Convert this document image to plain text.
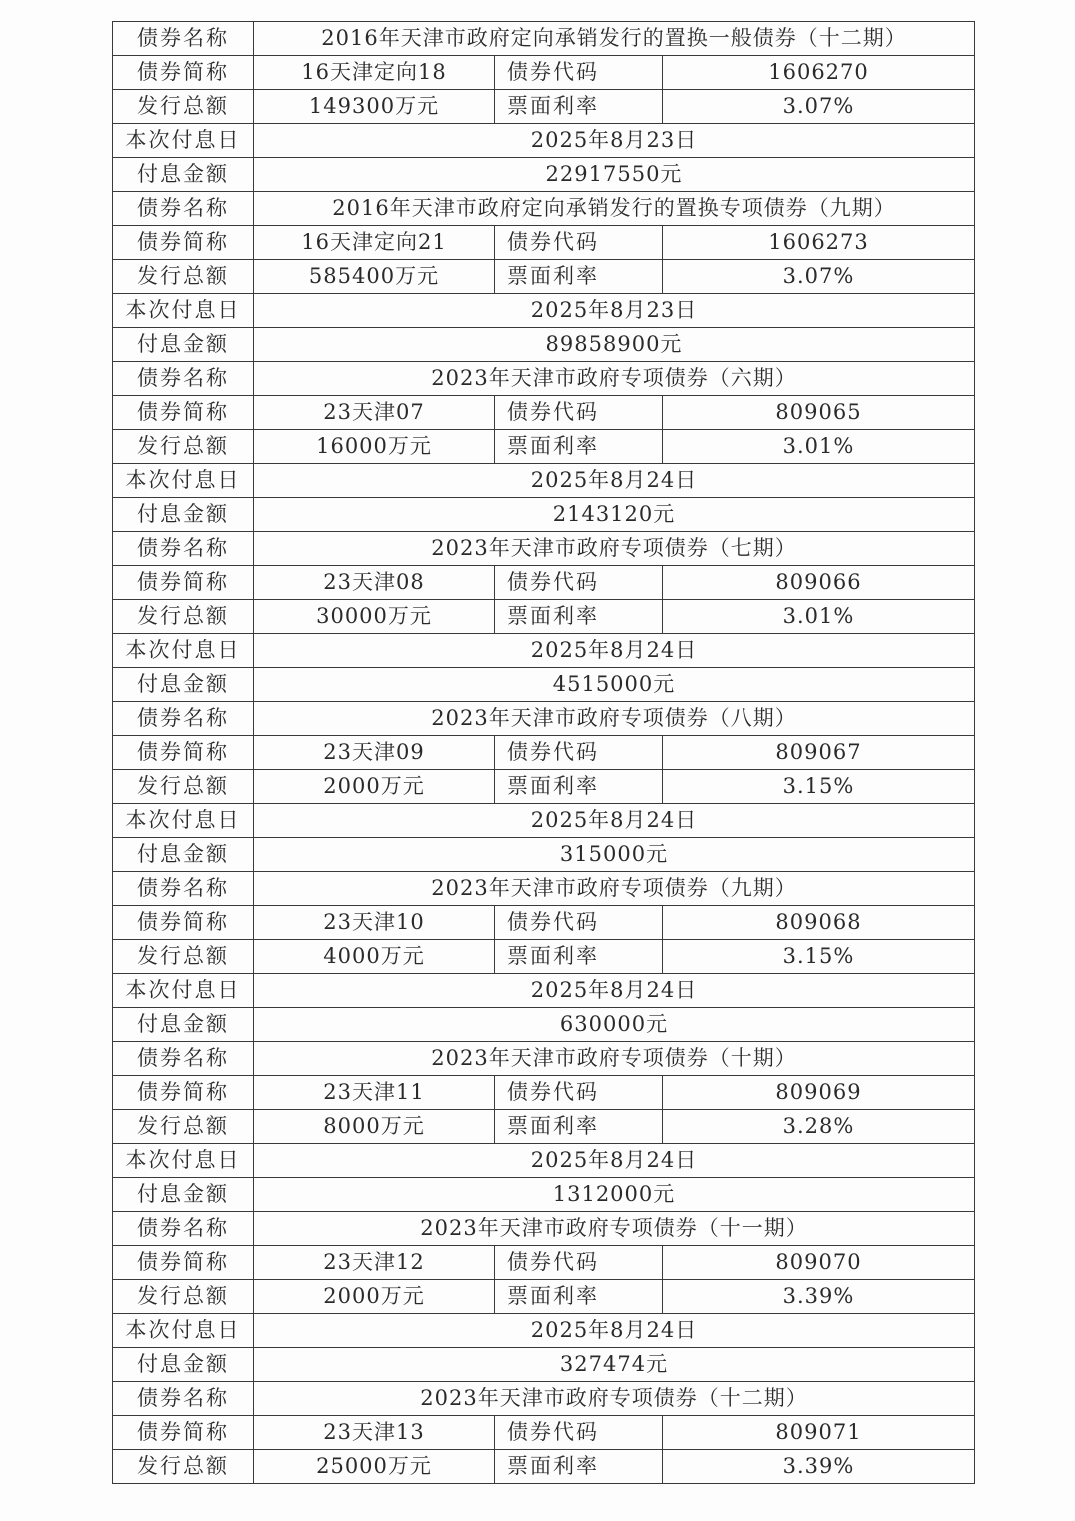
债券名称	2016年天津市政府定向承销发行的置换一般债券（十二期）		
债券简称	16天津定向18	债券代码	1606270
发行总额	149300万元	票面利率	3.07%
本次付息日	2025年8月23日		
付息金额	22917550元		
债券名称	2016年天津市政府定向承销发行的置换专项债券（九期）		
债券简称	16天津定向21	债券代码	1606273
发行总额	585400万元	票面利率	3.07%
本次付息日	2025年8月23日		
付息金额	89858900元		
债券名称	2023年天津市政府专项债券（六期）		
债券简称	23天津07	债券代码	809065
发行总额	16000万元	票面利率	3.01%
本次付息日	2025年8月24日		
付息金额	2143120元		
债券名称	2023年天津市政府专项债券（七期）		
债券简称	23天津08	债券代码	809066
发行总额	30000万元	票面利率	3.01%
本次付息日	2025年8月24日		
付息金额	4515000元		
债券名称	2023年天津市政府专项债券（八期）		
债券简称	23天津09	债券代码	809067
发行总额	2000万元	票面利率	3.15%
本次付息日	2025年8月24日		
付息金额	315000元		
债券名称	2023年天津市政府专项债券（九期）		
债券简称	23天津10	债券代码	809068
发行总额	4000万元	票面利率	3.15%
本次付息日	2025年8月24日		
付息金额	630000元		
债券名称	2023年天津市政府专项债券（十期）		
债券简称	23天津11	债券代码	809069
发行总额	8000万元	票面利率	3.28%
本次付息日	2025年8月24日		
付息金额	1312000元		
债券名称	2023年天津市政府专项债券（十一期）		
债券简称	23天津12	债券代码	809070
发行总额	2000万元	票面利率	3.39%
本次付息日	2025年8月24日		
付息金额	327474元		
债券名称	2023年天津市政府专项债券（十二期）		
债券简称	23天津13	债券代码	809071
发行总额	25000万元	票面利率	3.39%
